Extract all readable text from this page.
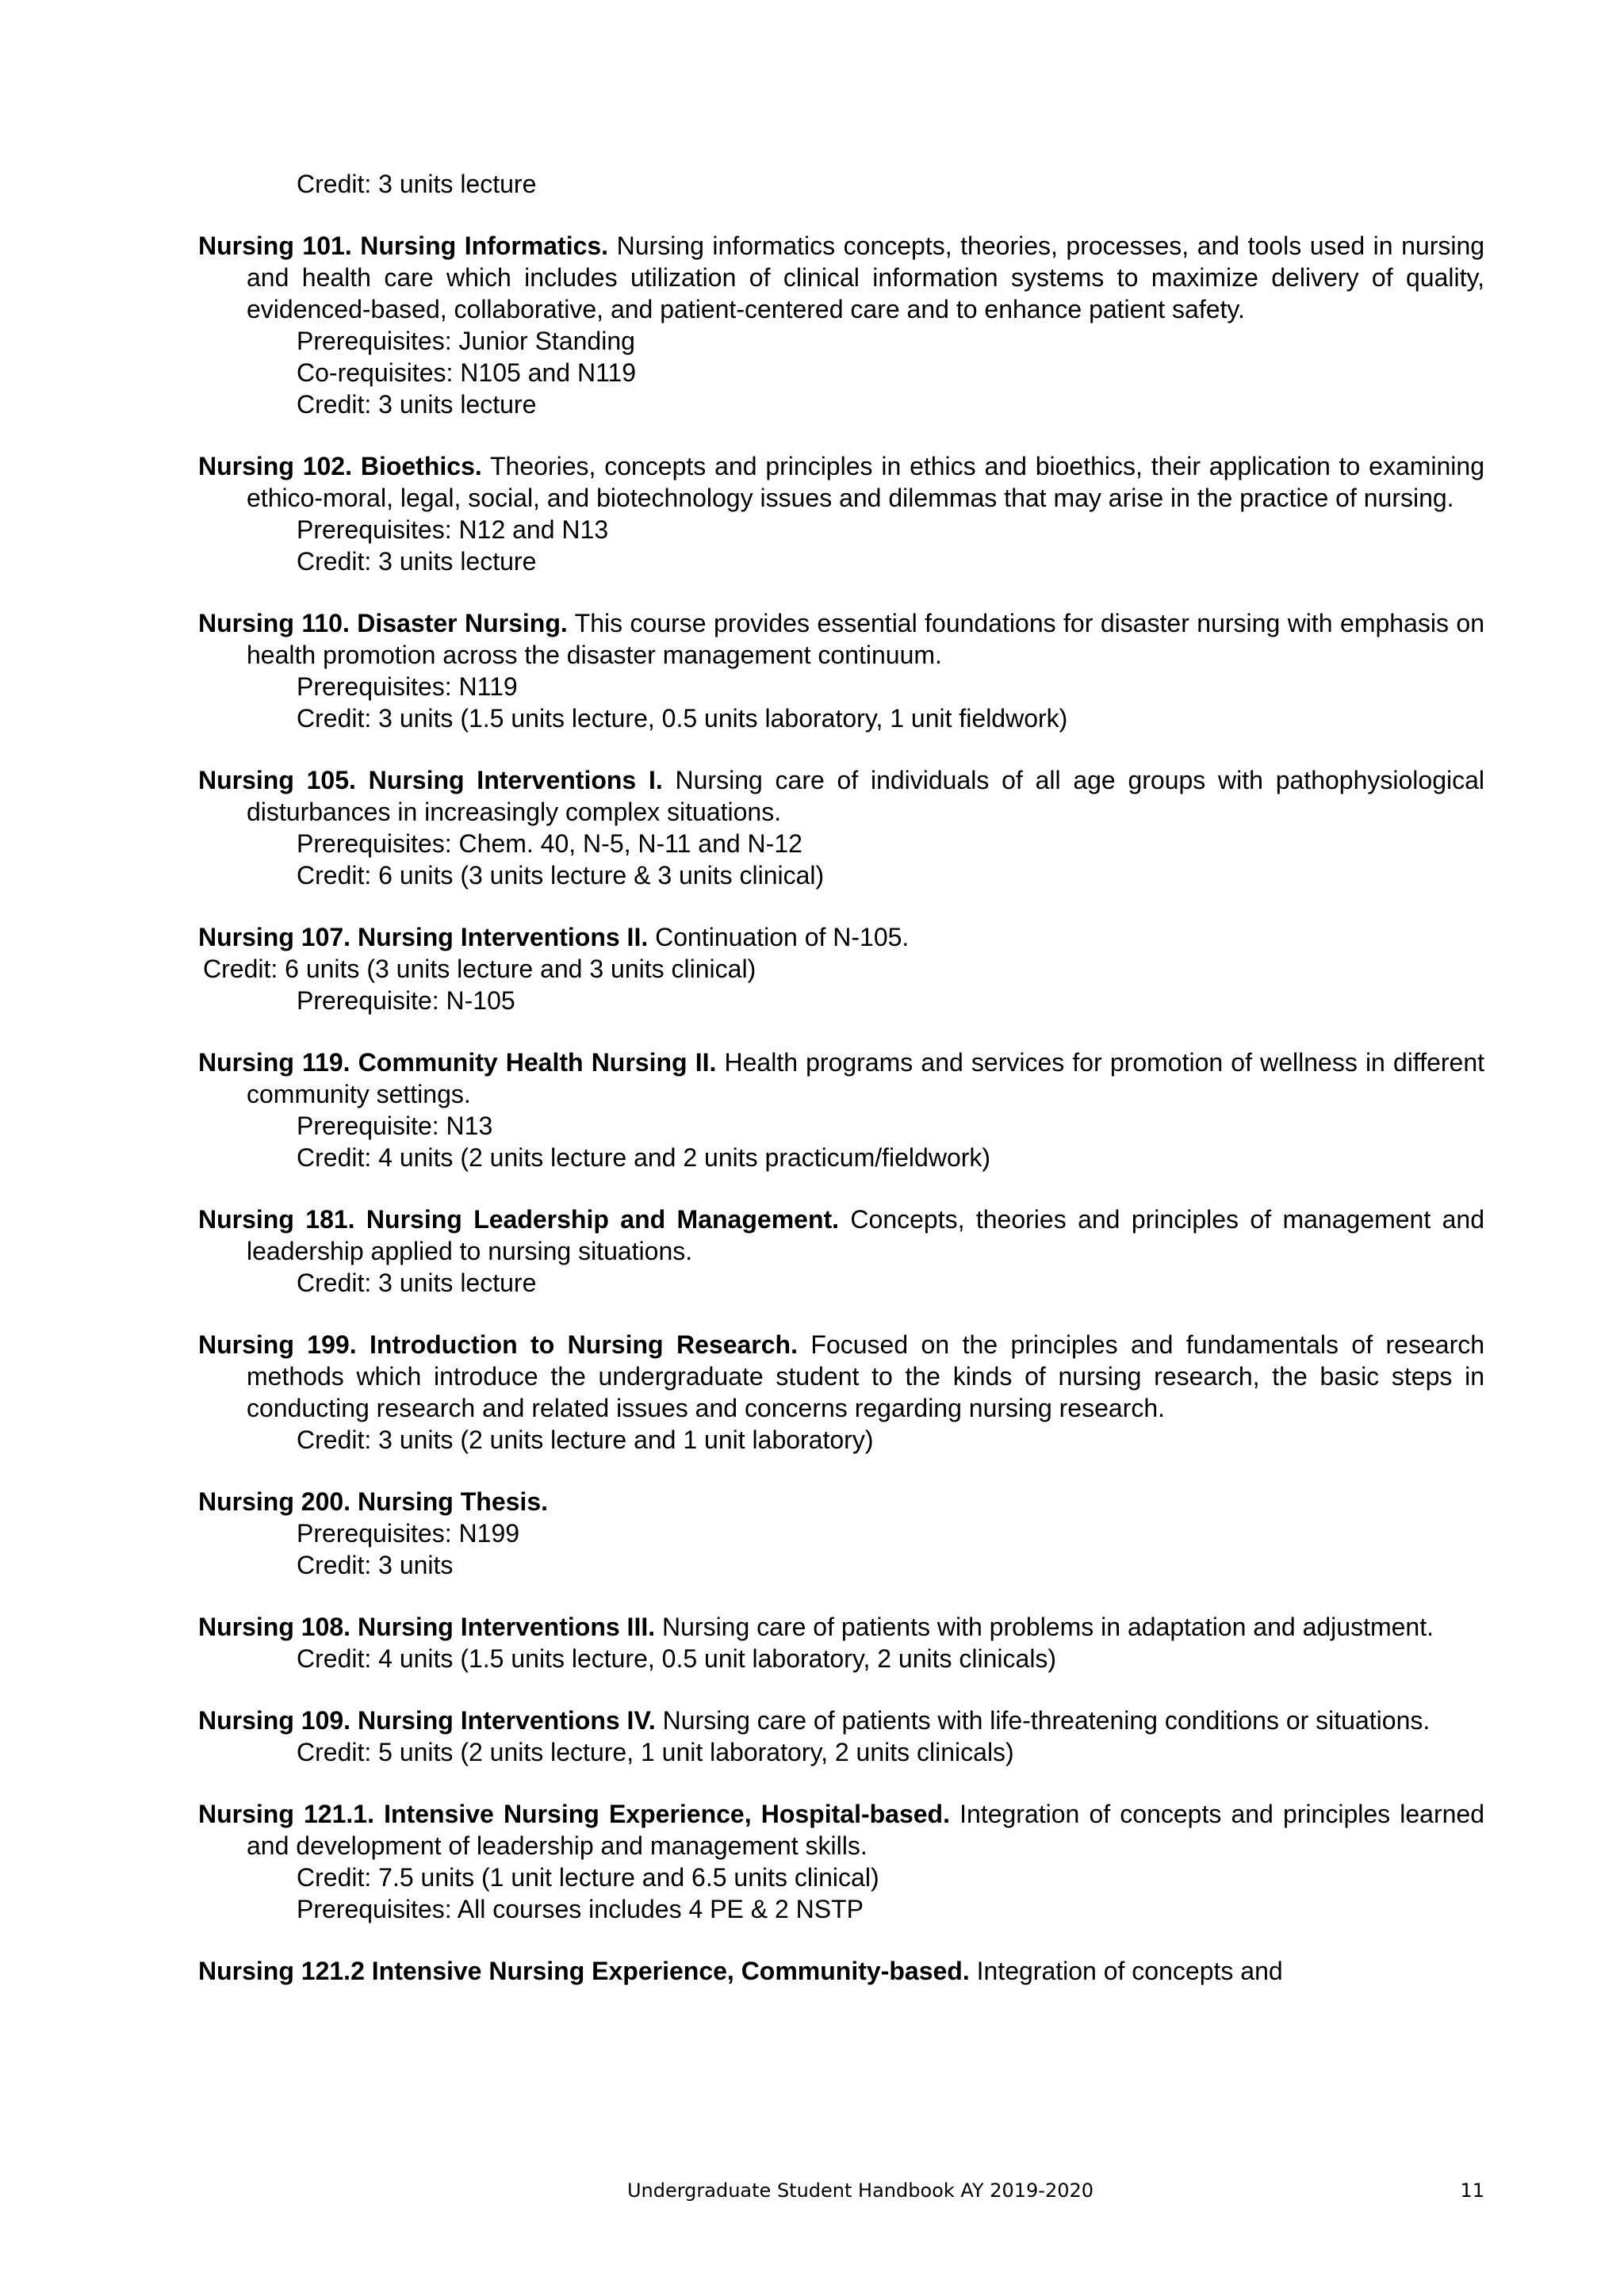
Credit: 3 units lecture

Nursing 101. Nursing Informatics. Nursing informatics concepts, theories, processes, and tools used in nursing and health care which includes utilization of clinical information systems to maximize delivery of quality, evidenced-based, collaborative, and patient-centered care and to enhance patient safety.

Prerequisites: Junior Standing

Co-requisites: N105 and N119

Credit: 3 units lecture

Nursing 102. Bioethics. Theories, concepts and principles in ethics and bioethics, their application to examining ethico-moral, legal, social, and biotechnology issues and dilemmas that may arise in the practice of nursing.

Prerequisites: N12 and N13

Credit: 3 units lecture

Nursing 110. Disaster Nursing. This course provides essential foundations for disaster nursing with emphasis on health promotion across the disaster management continuum.

Prerequisites: N119

Credit: 3 units (1.5 units lecture, 0.5 units laboratory, 1 unit fieldwork)

Nursing 105. Nursing Interventions I. Nursing care of individuals of all age groups with pathophysiological disturbances in increasingly complex situations.

Prerequisites: Chem. 40, N-5, N-11 and N-12

Credit: 6 units (3 units lecture & 3 units clinical)

Nursing 107. Nursing Interventions II. Continuation of N-105.

Credit: 6 units (3 units lecture and 3 units clinical)

Prerequisite: N-105

Nursing 119. Community Health Nursing II. Health programs and services for promotion of wellness in different community settings.

Prerequisite: N13

Credit: 4 units (2 units lecture and 2 units practicum/fieldwork)

Nursing 181. Nursing Leadership and Management. Concepts, theories and principles of management and leadership applied to nursing situations.

Credit: 3 units lecture

Nursing 199. Introduction to Nursing Research. Focused on the principles and fundamentals of research methods which introduce the undergraduate student to the kinds of nursing research, the basic steps in conducting research and related issues and concerns regarding nursing research.

Credit: 3 units (2 units lecture and 1 unit laboratory)

Nursing 200. Nursing Thesis.

Prerequisites: N199

Credit: 3 units

Nursing 108. Nursing Interventions III. Nursing care of patients with problems in adaptation and adjustment.

Credit: 4 units (1.5 units lecture, 0.5 unit laboratory, 2 units clinicals)

Nursing 109. Nursing Interventions IV. Nursing care of patients with life-threatening conditions or situations.

Credit: 5 units (2 units lecture, 1 unit laboratory, 2 units clinicals)

Nursing 121.1. Intensive Nursing Experience, Hospital-based. Integration of concepts and principles learned and development of leadership and management skills.

Credit: 7.5 units (1 unit lecture and 6.5 units clinical)

Prerequisites: All courses includes 4 PE & 2 NSTP

Nursing 121.2 Intensive Nursing Experience, Community-based. Integration of concepts and

Undergraduate Student Handbook AY 2019-2020	11
